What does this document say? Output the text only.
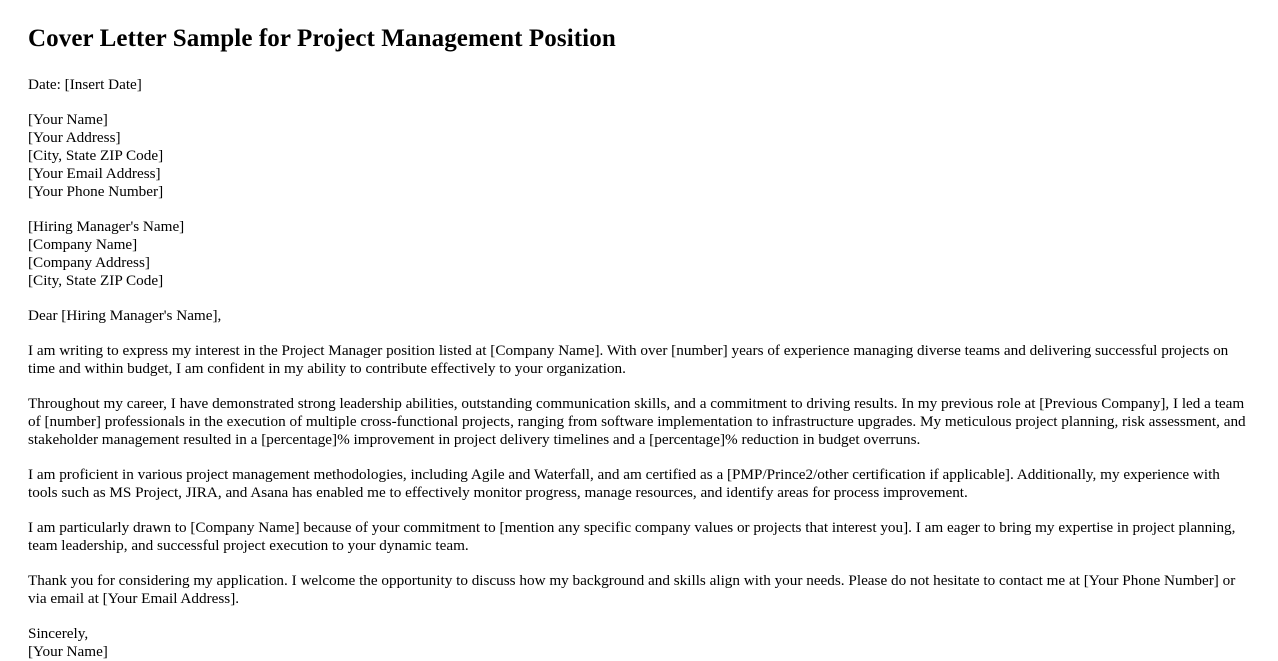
Cover Letter Sample for Project Management Position

Date: [Insert Date]

[Your Name]
[Your Address]
[City, State ZIP Code]
[Your Email Address]
[Your Phone Number]
[Hiring Manager's Name]
[Company Name]
[Company Address]
[City, State ZIP Code]

Dear [Hiring Manager's Name],

I am writing to express my interest in the Project Manager position listed at [Company Name]. With over [number] years of experience managing diverse teams and delivering successful projects on time and within budget, I am confident in my ability to contribute effectively to your organization.

Throughout my career, I have demonstrated strong leadership abilities, outstanding communication skills, and a commitment to driving results. In my previous role at [Previous Company], I led a team of [number] professionals in the execution of multiple cross-functional projects, ranging from software implementation to infrastructure upgrades. My meticulous project planning, risk assessment, and stakeholder management resulted in a [percentage]% improvement in project delivery timelines and a [percentage]% reduction in budget overruns.

I am proficient in various project management methodologies, including Agile and Waterfall, and am certified as a [PMP/Prince2/other certification if applicable]. Additionally, my experience with tools such as MS Project, JIRA, and Asana has enabled me to effectively monitor progress, manage resources, and identify areas for process improvement.

I am particularly drawn to [Company Name] because of your commitment to [mention any specific company values or projects that interest you]. I am eager to bring my expertise in project planning, team leadership, and successful project execution to your dynamic team.

Thank you for considering my application. I welcome the opportunity to discuss how my background and skills align with your needs. Please do not hesitate to contact me at [Your Phone Number] or via email at [Your Email Address].

Sincerely,
[Your Name]
